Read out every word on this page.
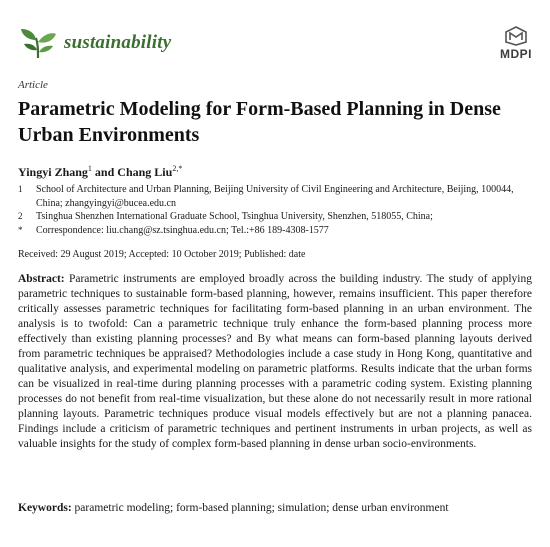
sustainability
MDPI
Article
Parametric Modeling for Form-Based Planning in Dense Urban Environments
Yingyi Zhang$^1$ and Chang Liu$^{2,*}$
1	School of Architecture and Urban Planning, Beijing University of Civil Engineering and Architecture, Beijing, 100044, China; zhangyingyi@bucea.edu.cn
2	Tsinghua Shenzhen International Graduate School, Tsinghua University, Shenzhen, 518055, China;
*	Correspondence: liu.chang@sz.tsinghua.edu.cn; Tel.:+86 189-4308-1577
Received: 29 August 2019; Accepted: 10 October 2019; Published: date

Abstract: Parametric instruments are employed broadly across the building industry. The study of applying parametric techniques to sustainable form-based planning, however, remains insufficient. This paper therefore critically assesses parametric techniques for facilitating form-based planning in an urban environment. The analysis is to twofold: Can a parametric technique truly enhance the form-based planning process more effectively than existing planning processes? and By what means can form-based planning layouts derived from parametric techniques be appraised? Methodologies include a case study in Hong Kong, quantitative and qualitative analysis, and experimental modeling on parametric platforms. Results indicate that the urban forms can be visualized in real-time during planning processes with a parametric coding system. Existing planning processes do not benefit from real-time visualization, but these alone do not necessarily result in more rational planning layouts. Parametric techniques produce visual models effectively but are not a planning panacea. Findings include a criticism of parametric techniques and pertinent instruments in urban projects, as well as valuable insights for the study of complex form-based planning in dense urban socio-environments.

Keywords: parametric modeling; form-based planning; simulation; dense urban environment
